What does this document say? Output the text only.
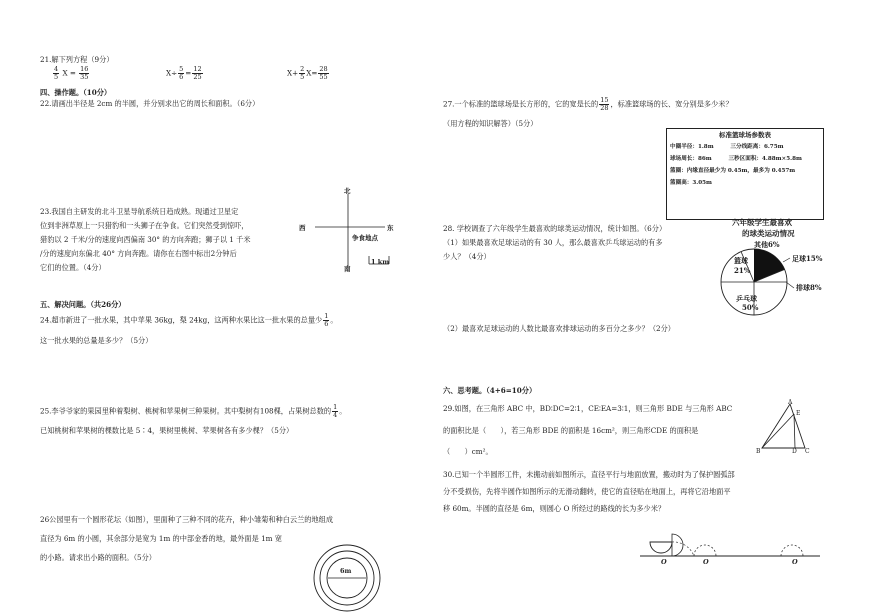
21.解下列方程（9分）
$\frac{4}{5}$ $X = \frac{16}{35}$	$X\div \frac{5}{6} = \frac{12}{25}$	$X+ \frac{2}{5} X= \frac{28}{55}$
四、操作题。（10分）
22.请画出半径是 2cm 的半圆，并分别求出它的周长和面积。（6分）
23.我国自主研发的北斗卫星导航系统日趋成熟。现通过卫星定
位到非洲草原上一只猎豹和一头狮子在争食。它们突然受到惊吓，
猎豹以 2 千米/分的速度向西偏南 30° 的方向奔跑；狮子以 1 千米
/分的速度向东偏北 40° 方向奔跑。请你在右图中标出2分钟后
它们的位置。（4分）
北
西	东
争食地点
南
1 km
五、解决问题。（共26分）
24.超市新进了一批水果，其中苹果 36kg，梨 24kg，这两种水果比这一批水果的总量少 $\frac{1}{6}$ 。
这一批水果的总量是多少？（5分）
25.李爷爷家的果园里种着梨树、桃树和苹果树三种果树。其中梨树有108棵，占果树总数的 $\frac{1}{4}$ 。
已知桃树和苹果树的棵数比是 5∶4，果树里桃树、苹果树各有多少棵？（5分）
26公园里有一个圆形花坛（如图），里面种了三种不同的花卉，种小雏菊和种白云兰的地组成
直径为 6m 的小圆，其余部分是宽为 1m 的中部金香的地，最外面是 1m 宽
的小路。请求出小路的面积。（5分）
6m
27.一个标准的篮球场是长方形的，它的宽是长的 $\frac{15}{28}$ ，标准篮球场的长、宽分别是多少米？
（用方程的知识解答）（5分）
标准篮球场参数表
中圈半径：1.8m　　　三分线距离：6.75m
球场周长：86m　　　三秒区面积：4.88m×5.8m
篮圈：内缘直径最少为 0.45m，最多为 0.457m
篮圈高：3.05m
28. 学校调查了六年级学生最喜欢的球类运动情况，统计如图。（6分）
（1）如果最喜欢足球运动的有 30 人，那么最喜欢乒乓球运动的有多
少人？（4分）
六年级学生最喜欢
的球类运动情况
其他6%
篮球
21%
足球15%
排球8%
乒乓球
50%
（2）最喜欢足球运动的人数比最喜欢排球运动的多百分之多少？（2分）
六、思考题。（4+6=10分）
29.如图，在三角形 ABC 中，BD∶DC=2∶1，CE∶EA=3∶1，则三角形 BDE 与三角形 ABC
的面积比是（　　），若三角形 BDE 的面积是 16cm²，则三角形CDE 的面积是
（　　）cm²。
A
E
B	D C
30.已知一个半圆形工件，未搬动前如图所示，直径平行与地面放置，搬动时为了保护圆弧部
分不受损伤，先将半圆作如图所示的无滑动翻转，使它的直径贴在地面上，再将它沿地面平
移 60m。半圆的直径是 6m，则圆心 O 所经过的路线的长为多少米？
O	O	O
